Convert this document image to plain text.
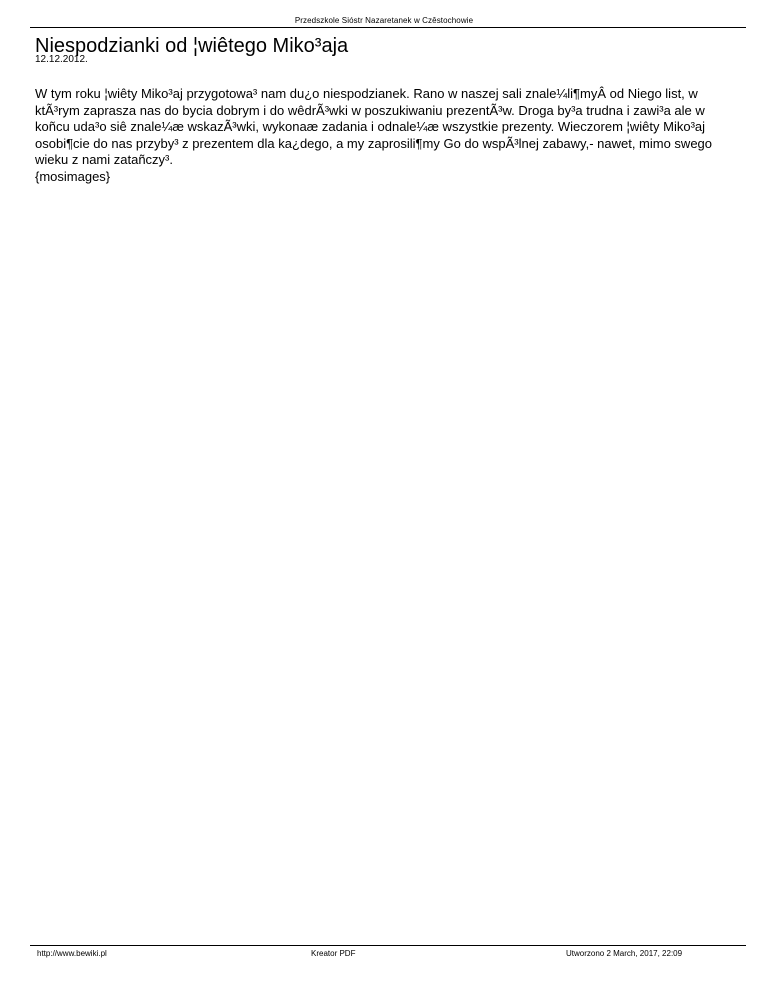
Przedszkole Sióstr Nazaretanek w Czêstochowie
Niespodzianki od ¦wiêtego Miko³aja
12.12.2012.
W tym roku ¦wiêty Miko³aj przygotowa³ nam du¿o niespodzianek. Rano w naszej sali znale¼li¶myÂ od Niego list, w ktÃ³rym zaprasza nas do bycia dobrym i do wêdrÃ³wki w poszukiwaniu prezentÃ³w. Droga by³a trudna i zawi³a ale w koñcu uda³o siê znale¼æ wskazÃ³wki, wykonaæ zadania i odnale¼æ wszystkie prezenty. Wieczorem ¦wiêty Miko³aj osobi¶cie do nas przyby³ z prezentem dla ka¿dego, a my zaprosili¶my Go do wspÃ³lnej zabawy,- nawet, mimo swego wieku z nami zatañczy³.
{mosimages}
http://www.bewiki.pl	Kreator PDF	Utworzono 2 March, 2017, 22:09
